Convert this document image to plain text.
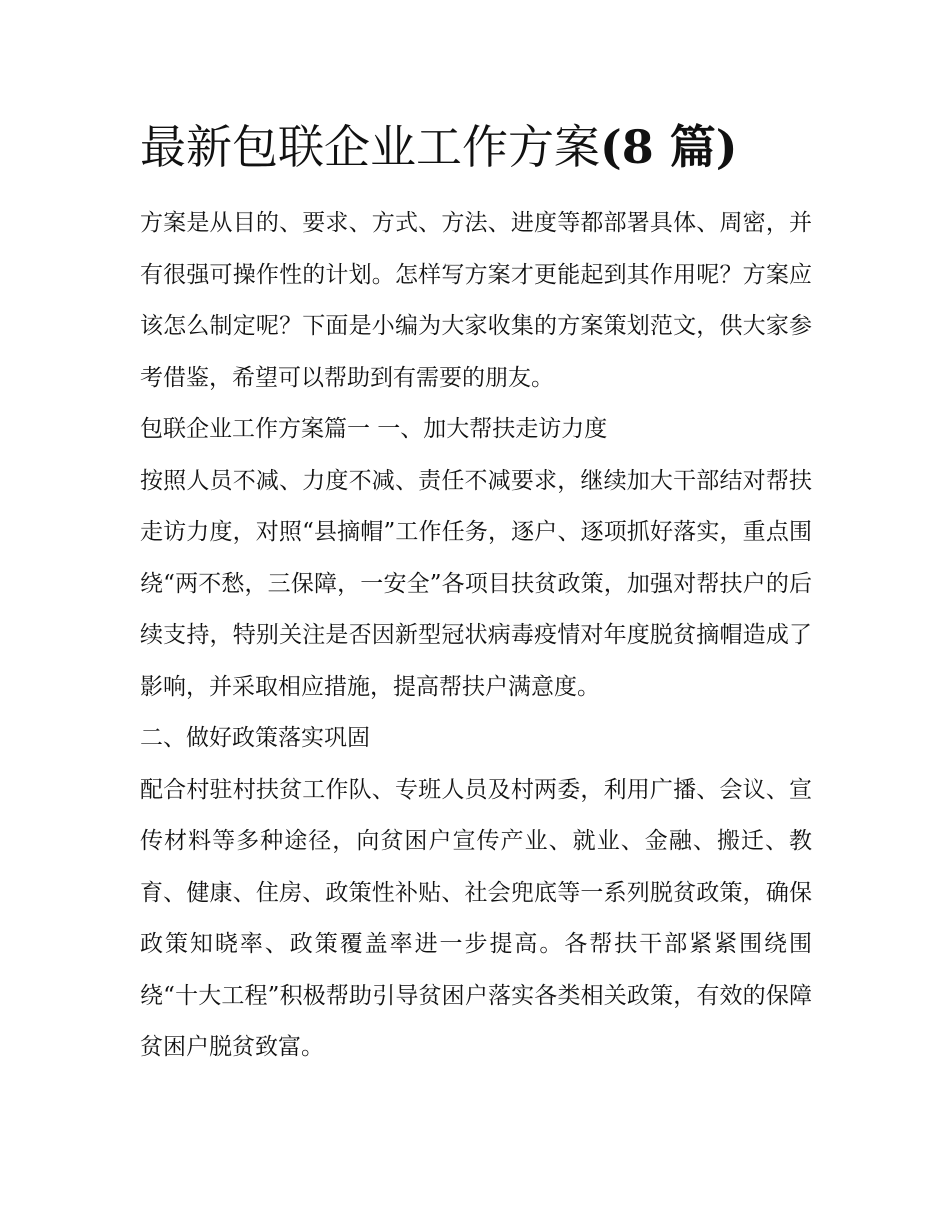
最新包联企业工作方案(8 篇)

方案是从目的、要求、方式、方法、进度等都部署具体、周密，并有很强可操作性的计划。怎样写方案才更能起到其作用呢？方案应该怎么制定呢？下面是小编为大家收集的方案策划范文，供大家参考借鉴，希望可以帮助到有需要的朋友。

包联企业工作方案篇一 一、加大帮扶走访力度

按照人员不减、力度不减、责任不减要求，继续加大干部结对帮扶走访力度，对照“县摘帽”工作任务，逐户、逐项抓好落实，重点围绕“两不愁，三保障，一安全”各项目扶贫政策，加强对帮扶户的后续支持，特别关注是否因新型冠状病毒疫情对年度脱贫摘帽造成了影响，并采取相应措施，提高帮扶户满意度。

二、做好政策落实巩固

配合村驻村扶贫工作队、专班人员及村两委，利用广播、会议、宣传材料等多种途径，向贫困户宣传产业、就业、金融、搬迁、教育、健康、住房、政策性补贴、社会兜底等一系列脱贫政策，确保政策知晓率、政策覆盖率进一步提高。各帮扶干部紧紧围绕围绕“十大工程”积极帮助引导贫困户落实各类相关政策，有效的保障贫困户脱贫致富。
